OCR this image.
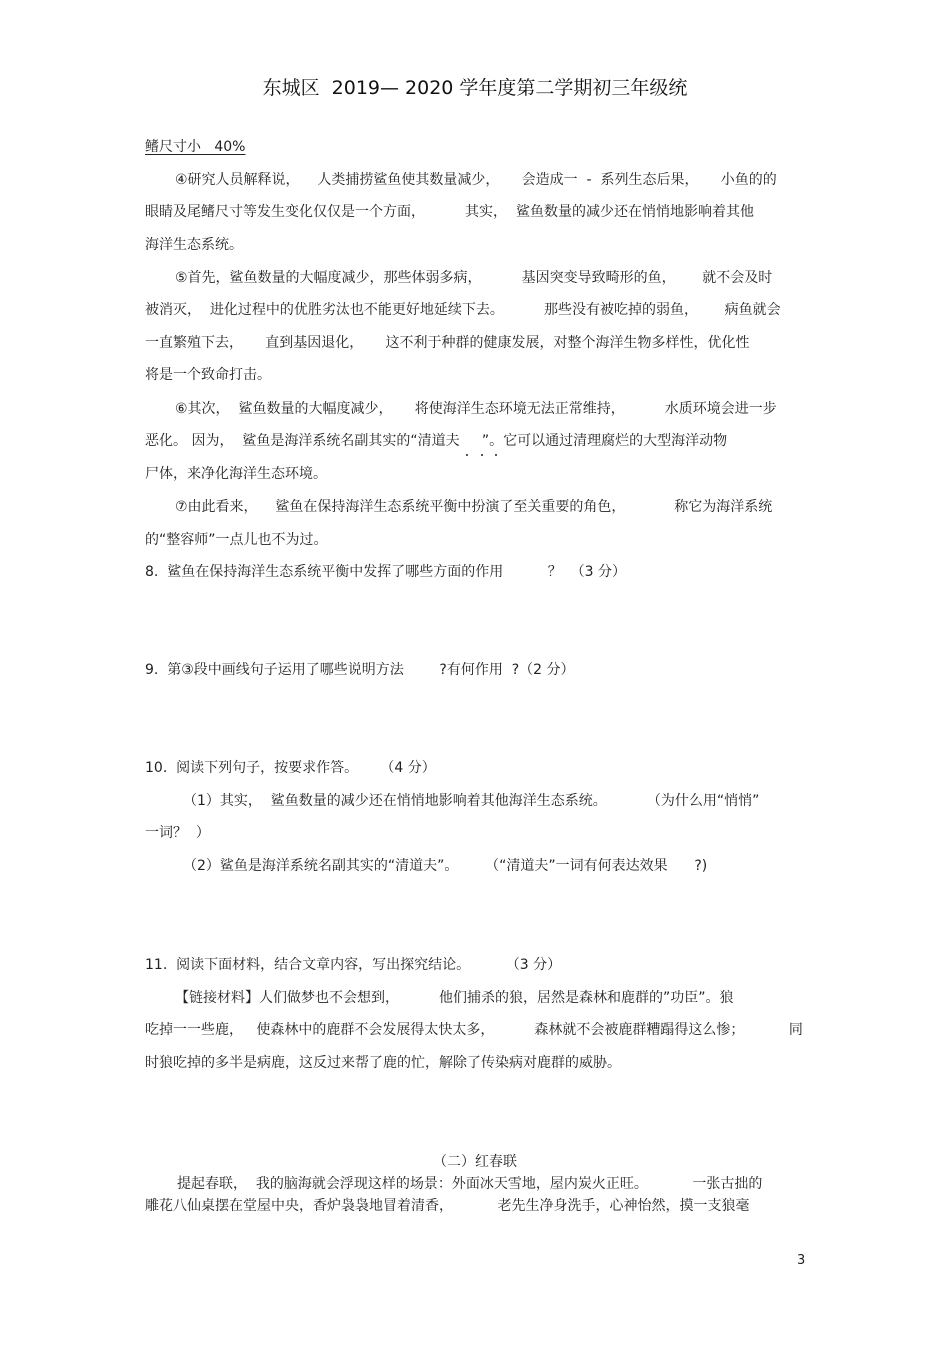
东城区  2019— 2020 学年度第二学期初三年级统
鳍尺寸小   40%
④研究人员解释说，    人类捕捞鲨鱼使其数量减少，     会造成一  -  系列生态后果，     小鱼的的
眼睛及尾鳍尺寸等发生变化仅仅是一个方面，         其实，  鲨鱼数量的减少还在悄悄地影响着其他
海洋生态系统。
⑤首先，鲨鱼数量的大幅度减少，那些体弱多病，         基因突变导致畸形的鱼，      就不会及时
被消灭，  进化过程中的优胜劣汰也不能更好地延续下去。         那些没有被吃掉的弱鱼，      病鱼就会
一直繁殖下去，     直到基因退化，     这不利于种群的健康发展，对整个海洋生物多样性，优化性
将是一个致命打击。
⑥其次，  鲨鱼数量的大幅度减少，     将使海洋生态环境无法正常维持，         水质环境会进一步
恶化。 因为，  鲨鱼是海洋系统名副其实的“清道夫     ”。它可以通过清理腐烂的大型海洋动物
尸体，来净化海洋生态环境。
⑦由此看来，    鲨鱼在保持海洋生态系统平衡中扮演了至关重要的角色，           称它为海洋系统
的“整容师”一点儿也不为过。
8.  鲨鱼在保持海洋生态系统平衡中发挥了哪些方面的作用          ？  （3 分）
9.  第③段中画线句子运用了哪些说明方法        ?有何作用  ?（2 分）
10.  阅读下列句子，按要求作答。     （4 分）
（1）其实，  鲨鱼数量的减少还在悄悄地影响着其他海洋生态系统。         （为什么用“悄悄”
一词？  ）
（2）鲨鱼是海洋系统名副其实的“清道夫”。      （“清道夫”一词有何表达效果      ?)
11.  阅读下面材料，结合文章内容，写出探究结论。        （3 分）
【链接材料】人们做梦也不会想到，         他们捕杀的狼，居然是森林和鹿群的”功臣”。狼
吃掉一一些鹿，   使森林中的鹿群不会发展得太快太多，         森林就不会被鹿群糟蹋得这么惨；          同
时狼吃掉的多半是病鹿，这反过来帮了鹿的忙，解除了传染病对鹿群的威胁。
（二）红春联
提起春联，  我的脑海就会浮现这样的场景：外面冰天雪地，屋内炭火正旺。          一张古拙的
雕花八仙桌摆在堂屋中央，香炉袅袅地冒着清香，          老先生净身洗手，心神怡然，摸一支狼毫
3
